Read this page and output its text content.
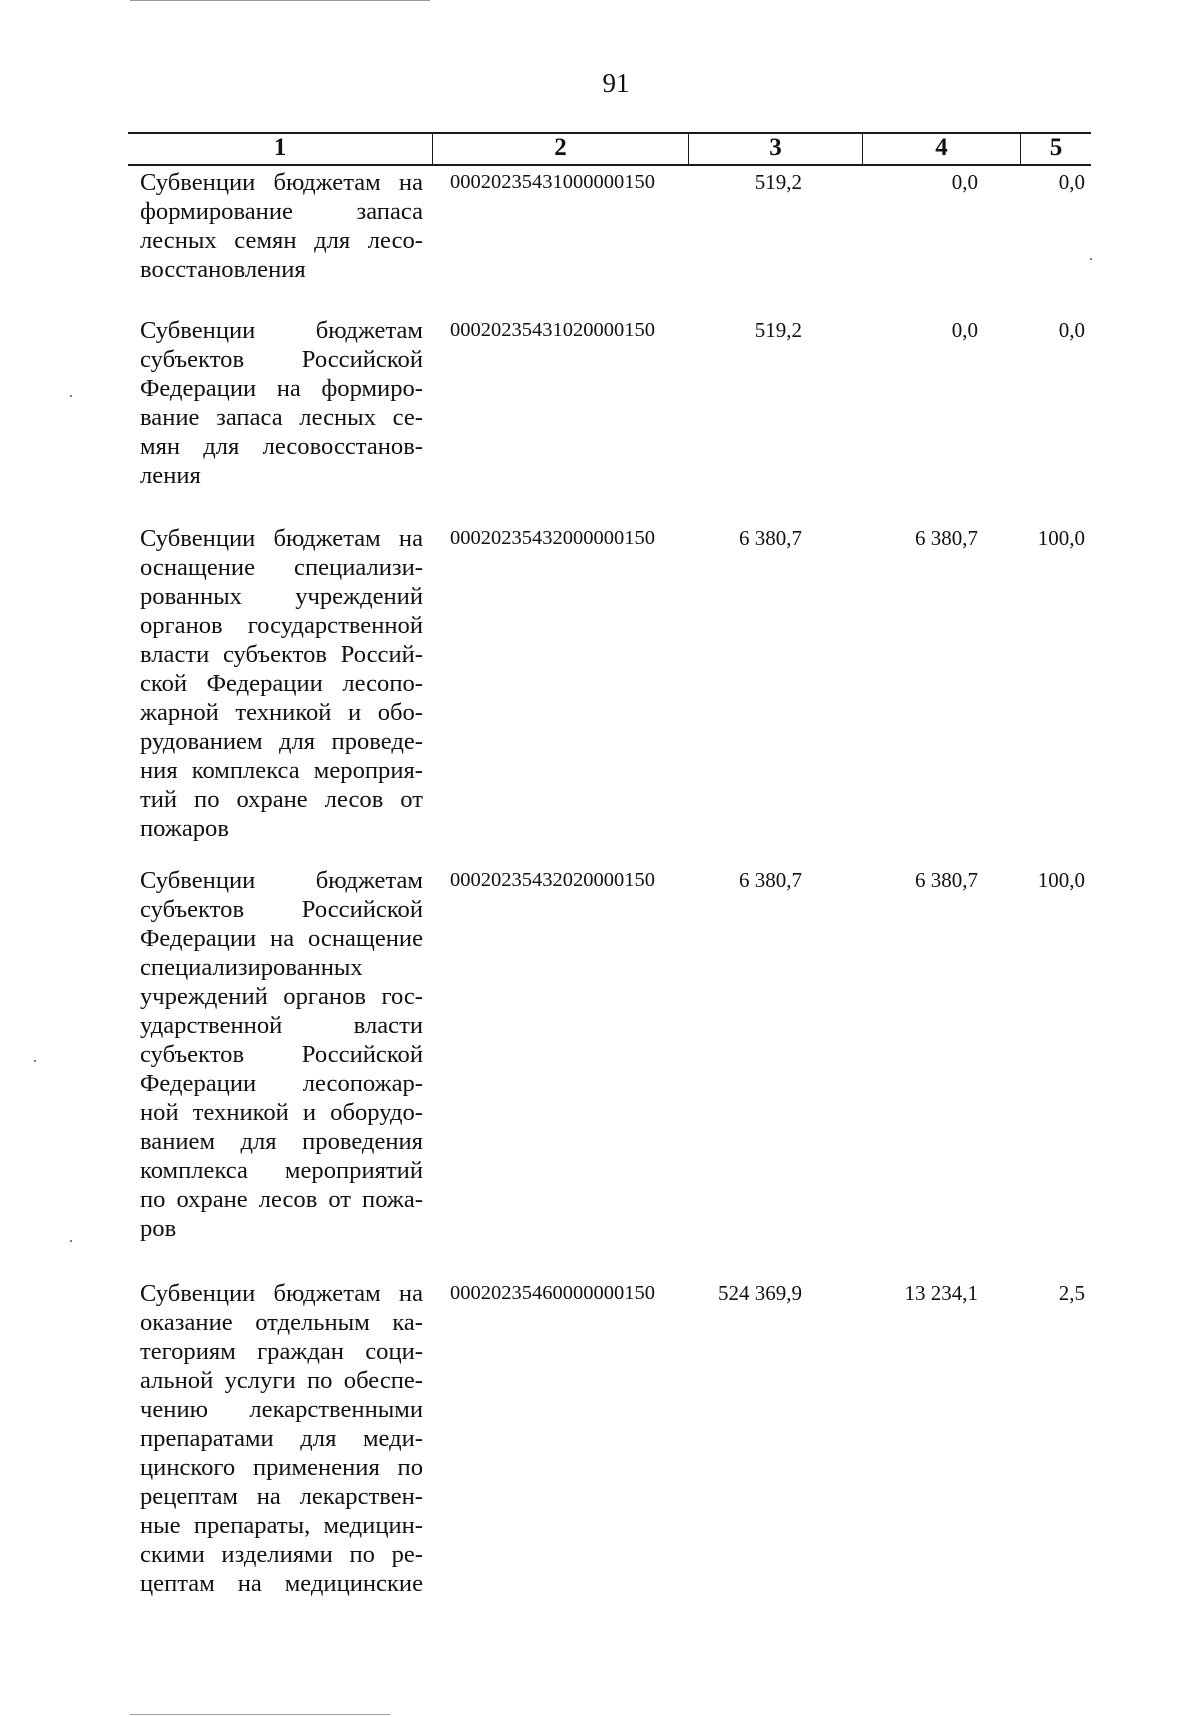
91
1	2	3	4	5
Субвенции бюджетам на
формирование запаса
лесных семян для лесо-
восстановления
00020235431000000150	519,2	0,0	0,0
Субвенции бюджетам
субъектов Российской
Федерации на формиро-
вание запаса лесных се-
мян для лесовосстанов-
ления
00020235431020000150	519,2	0,0	0,0
Субвенции бюджетам на
оснащение специализи-
рованных учреждений
органов государственной
власти субъектов Россий-
ской Федерации лесопо-
жарной техникой и обо-
рудованием для проведе-
ния комплекса мероприя-
тий по охране лесов от
пожаров
00020235432000000150	6 380,7	6 380,7	100,0
Субвенции бюджетам
субъектов Российской
Федерации на оснащение
специализированных
учреждений органов гос-
ударственной власти
субъектов Российской
Федерации лесопожар-
ной техникой и оборудо-
ванием для проведения
комплекса мероприятий
по охране лесов от пожа-
ров
00020235432020000150	6 380,7	6 380,7	100,0
Субвенции бюджетам на
оказание отдельным ка-
тегориям граждан соци-
альной услуги по обеспе-
чению лекарственными
препаратами для меди-
цинского применения по
рецептам на лекарствен-
ные препараты, медицин-
скими изделиями по ре-
цептам на медицинские
00020235460000000150	524 369,9	13 234,1	2,5
